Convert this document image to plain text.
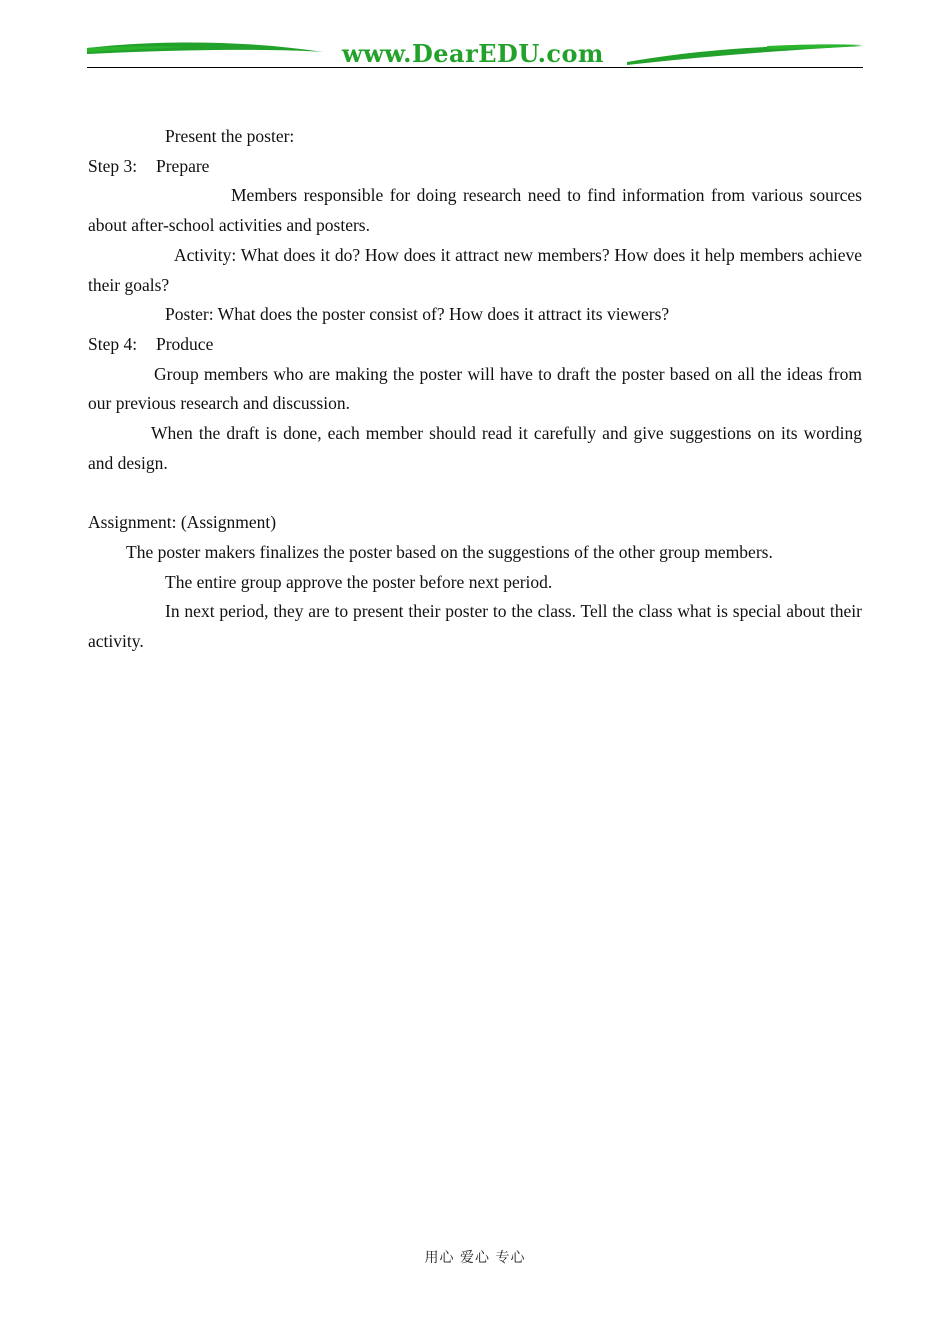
www.DearEDU.com

Present the poster:

Step 3: Prepare

Members responsible for doing research need to find information from various sources about after-school activities and posters.

Activity: What does it do? How does it attract new members? How does it help members achieve their goals?

Poster: What does the poster consist of? How does it attract its viewers?

Step 4: Produce

Group members who are making the poster will have to draft the poster based on all the ideas from our previous research and discussion.

When the draft is done, each member should read it carefully and give suggestions on its wording and design.

Assignment: (Assignment)

The poster makers finalizes the poster based on the suggestions of the other group members.

The entire group approve the poster before next period.

In next period, they are to present their poster to the class. Tell the class what is special about their activity.

用心 爱心 专心
